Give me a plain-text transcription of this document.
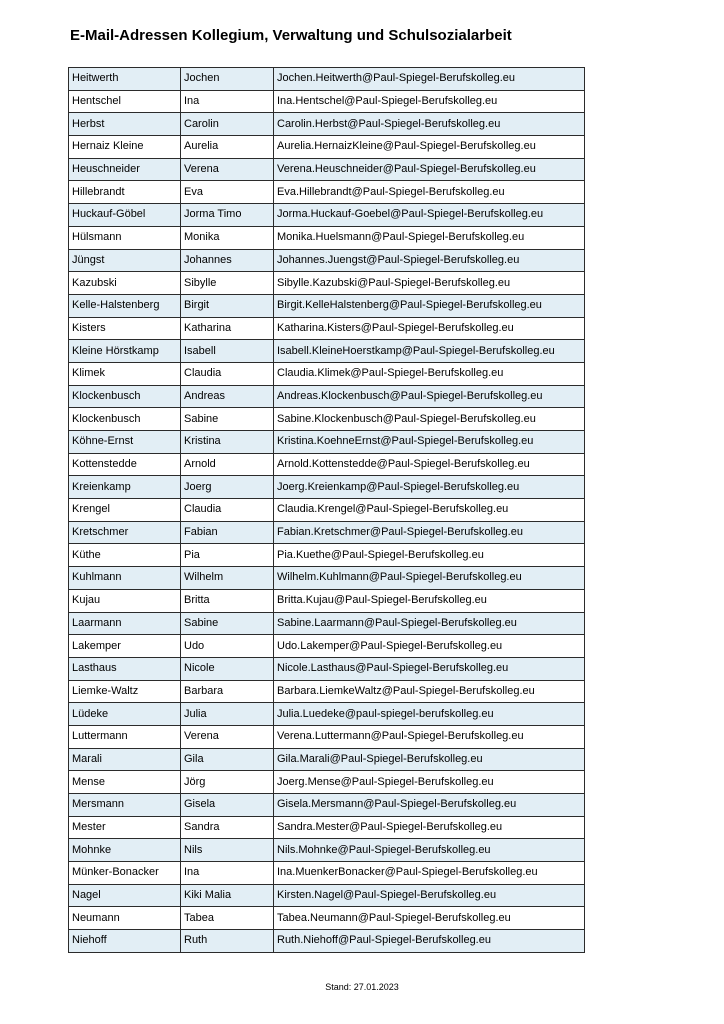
E-Mail-Adressen Kollegium, Verwaltung und Schulsozialarbeit
Heitwerth	Jochen	Jochen.Heitwerth@Paul-Spiegel-Berufskolleg.eu
Hentschel	Ina	Ina.Hentschel@Paul-Spiegel-Berufskolleg.eu
Herbst	Carolin	Carolin.Herbst@Paul-Spiegel-Berufskolleg.eu
Hernaiz Kleine	Aurelia	Aurelia.HernaizKleine@Paul-Spiegel-Berufskolleg.eu
Heuschneider	Verena	Verena.Heuschneider@Paul-Spiegel-Berufskolleg.eu
Hillebrandt	Eva	Eva.Hillebrandt@Paul-Spiegel-Berufskolleg.eu
Huckauf-Göbel	Jorma Timo	Jorma.Huckauf-Goebel@Paul-Spiegel-Berufskolleg.eu
Hülsmann	Monika	Monika.Huelsmann@Paul-Spiegel-Berufskolleg.eu
Jüngst	Johannes	Johannes.Juengst@Paul-Spiegel-Berufskolleg.eu
Kazubski	Sibylle	Sibylle.Kazubski@Paul-Spiegel-Berufskolleg.eu
Kelle-Halstenberg	Birgit	Birgit.KelleHalstenberg@Paul-Spiegel-Berufskolleg.eu
Kisters	Katharina	Katharina.Kisters@Paul-Spiegel-Berufskolleg.eu
Kleine Hörstkamp	Isabell	Isabell.KleineHoerstkamp@Paul-Spiegel-Berufskolleg.eu
Klimek	Claudia	Claudia.Klimek@Paul-Spiegel-Berufskolleg.eu
Klockenbusch	Andreas	Andreas.Klockenbusch@Paul-Spiegel-Berufskolleg.eu
Klockenbusch	Sabine	Sabine.Klockenbusch@Paul-Spiegel-Berufskolleg.eu
Köhne-Ernst	Kristina	Kristina.KoehneErnst@Paul-Spiegel-Berufskolleg.eu
Kottenstedde	Arnold	Arnold.Kottenstedde@Paul-Spiegel-Berufskolleg.eu
Kreienkamp	Joerg	Joerg.Kreienkamp@Paul-Spiegel-Berufskolleg.eu
Krengel	Claudia	Claudia.Krengel@Paul-Spiegel-Berufskolleg.eu
Kretschmer	Fabian	Fabian.Kretschmer@Paul-Spiegel-Berufskolleg.eu
Küthe	Pia	Pia.Kuethe@Paul-Spiegel-Berufskolleg.eu
Kuhlmann	Wilhelm	Wilhelm.Kuhlmann@Paul-Spiegel-Berufskolleg.eu
Kujau	Britta	Britta.Kujau@Paul-Spiegel-Berufskolleg.eu
Laarmann	Sabine	Sabine.Laarmann@Paul-Spiegel-Berufskolleg.eu
Lakemper	Udo	Udo.Lakemper@Paul-Spiegel-Berufskolleg.eu
Lasthaus	Nicole	Nicole.Lasthaus@Paul-Spiegel-Berufskolleg.eu
Liemke-Waltz	Barbara	Barbara.LiemkeWaltz@Paul-Spiegel-Berufskolleg.eu
Lüdeke	Julia	Julia.Luedeke@paul-spiegel-berufskolleg.eu
Luttermann	Verena	Verena.Luttermann@Paul-Spiegel-Berufskolleg.eu
Marali	Gila	Gila.Marali@Paul-Spiegel-Berufskolleg.eu
Mense	Jörg	Joerg.Mense@Paul-Spiegel-Berufskolleg.eu
Mersmann	Gisela	Gisela.Mersmann@Paul-Spiegel-Berufskolleg.eu
Mester	Sandra	Sandra.Mester@Paul-Spiegel-Berufskolleg.eu
Mohnke	Nils	Nils.Mohnke@Paul-Spiegel-Berufskolleg.eu
Münker-Bonacker	Ina	Ina.MuenkerBonacker@Paul-Spiegel-Berufskolleg.eu
Nagel	Kiki Malia	Kirsten.Nagel@Paul-Spiegel-Berufskolleg.eu
Neumann	Tabea	Tabea.Neumann@Paul-Spiegel-Berufskolleg.eu
Niehoff	Ruth	Ruth.Niehoff@Paul-Spiegel-Berufskolleg.eu
Stand: 27.01.2023
